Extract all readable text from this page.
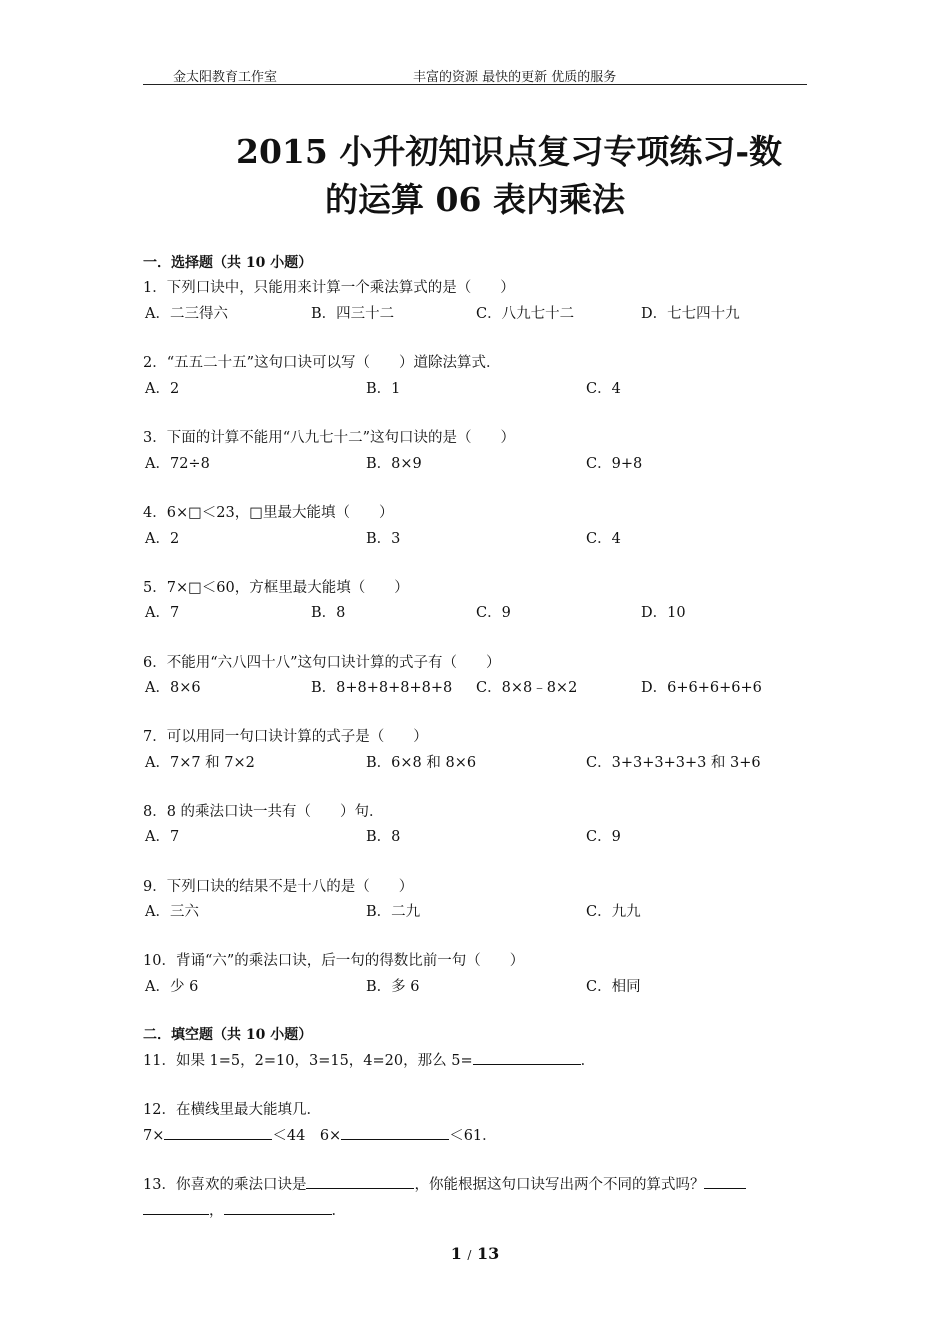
金太阳教育工作室	丰富的资源 最快的更新 优质的服务
2015 小升初知识点复习专项练习-数
的运算 06 表内乘法
一．选择题（共 10 小题）
1．下列口诀中，只能用来计算一个乘法算式的是（　　）
A．二三得六	B．四三十二	C．八九七十二	D．七七四十九
2．“五五二十五”这句口诀可以写（　　）道除法算式．
A．2	B．1	C．4
3．下面的计算不能用“八九七十二”这句口诀的是（　　）
A．72÷8	B．8×9	C．9+8
4．6×□＜23，□里最大能填（　　）
A．2	B．3	C．4
5．7×□＜60，方框里最大能填（　　）
A．7	B．8	C．9	D．10
6．不能用“六八四十八”这句口诀计算的式子有（　　）
A．8×6	B．8+8+8+8+8+8 C．8×8﹣8×2	D．6+6+6+6+6
7．可以用同一句口诀计算的式子是（　　）
A．7×7 和 7×2	B．6×8 和 8×6	C．3+3+3+3+3 和 3+6
8．8 的乘法口诀一共有（　　）句．
A．7	B．8	C．9
9．下列口诀的结果不是十八的是（　　）
A．三六	B．二九	C．九九
10．背诵“六”的乘法口诀，后一句的得数比前一句（　　）
A．少 6	B．多 6	C．相同
二．填空题（共 10 小题）
11．如果 1=5，2=10，3=15，4=20，那么 5=	．
12．在横线里最大能填几．
7×	＜44　6×	＜61．
13．你喜欢的乘法口诀是	，你能根据这句口诀写出两个不同的算式吗？
，	．
1 / 13
